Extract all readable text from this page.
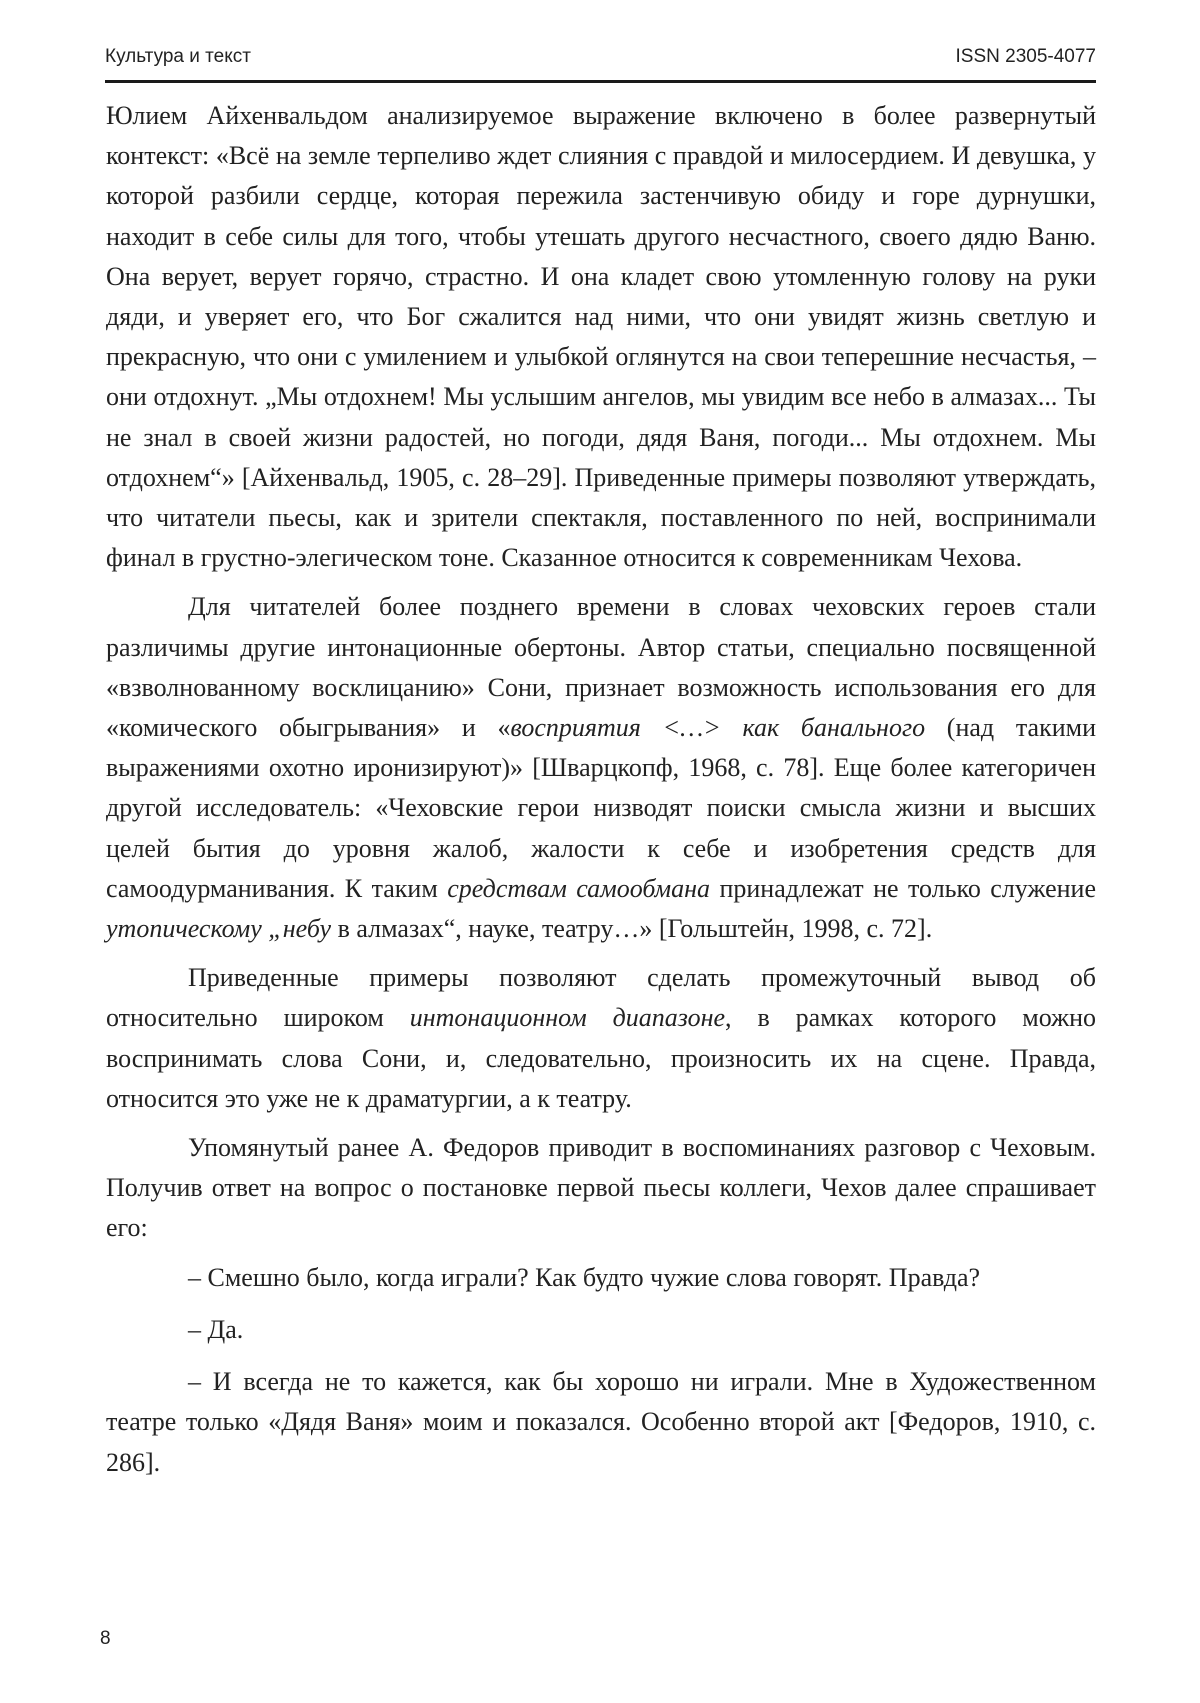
Культура и текст	ISSN 2305-4077

Юлием Айхенвальдом анализируемое выражение включено в более развернутый контекст: «Всё на земле терпеливо ждет слияния с правдой и милосердием. И девушка, у которой разбили сердце, которая пережила застенчивую обиду и горе дурнушки, находит в себе силы для того, чтобы утешать другого несчастного, своего дядю Ваню. Она верует, верует горячо, страстно. И она кладет свою утомленную голову на руки дяди, и уверяет его, что Бог сжалится над ними, что они увидят жизнь светлую и прекрасную, что они с умилением и улыбкой оглянутся на свои теперешние несчастья, – они отдохнут. „Мы отдохнем! Мы услышим ангелов, мы увидим все небо в алмазах... Ты не знал в своей жизни радостей, но погоди, дядя Ваня, погоди... Мы отдохнем. Мы отдохнем“» [Айхенвальд, 1905, с. 28–29]. Приведенные примеры позволяют утверждать, что читатели пьесы, как и зрители спектакля, поставленного по ней, воспринимали финал в грустно-элегическом тоне. Сказанное относится к современникам Чехова.

Для читателей более позднего времени в словах чеховских героев стали различимы другие интонационные обертоны. Автор статьи, специально посвященной «взволнованному восклицанию» Сони, признает возможность использования его для «комического обыгрывания» и «восприятия <…> как банального (над такими выражениями охотно иронизируют)» [Шварцкопф, 1968, с. 78]. Еще более категоричен другой исследователь: «Чеховские герои низводят поиски смысла жизни и высших целей бытия до уровня жалоб, жалости к себе и изобретения средств для самоодурманивания. К таким средствам самообмана принадлежат не только служение утопическому „небу в алмазах“, науке, театру…» [Гольштейн, 1998, с. 72].

Приведенные примеры позволяют сделать промежуточный вывод об относительно широком интонационном диапазоне, в рамках которого можно воспринимать слова Сони, и, следовательно, произносить их на сцене. Правда, относится это уже не к драматургии, а к театру.

Упомянутый ранее А. Федоров приводит в воспоминаниях разговор с Чеховым. Получив ответ на вопрос о постановке первой пьесы коллеги, Чехов далее спрашивает его:

– Смешно было, когда играли? Как будто чужие слова говорят. Правда?

– Да.

– И всегда не то кажется, как бы хорошо ни играли. Мне в Художественном театре только «Дядя Ваня» моим и показался. Особенно второй акт [Федоров, 1910, с. 286].

8
